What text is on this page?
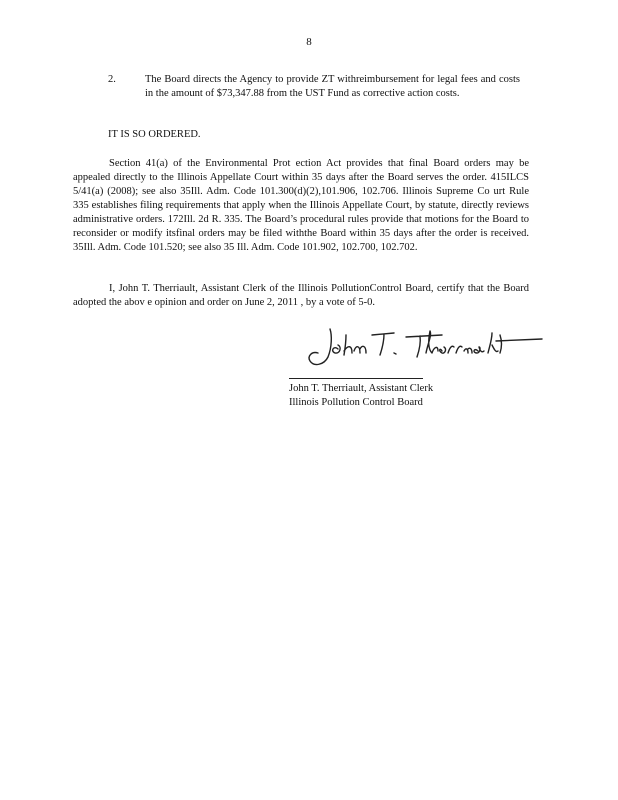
8
2.	The Board directs the Agency to provide ZT withreimbursement for legal fees and costs in the amount of $73,347.88 from the UST Fund as corrective action costs.
IT IS SO ORDERED.
Section 41(a) of the Environmental Prot ection Act provides that final Board orders may be appealed directly to the Illinois Appellate Court within 35 days after the Board serves the order. 415ILCS 5/41(a) (2008); see also 35Ill. Adm. Code 101.300(d)(2),101.906, 102.706. Illinois Supreme Co urt Rule 335 establishes filing requirements that apply when the Illinois Appellate Court, by statute, directly reviews administrative orders. 172Ill. 2d R. 335. The Board’s procedural rules provide that motions for the Board to reconsider or modify itsfinal orders may be filed withthe Board within 35 days after the order is received. 35Ill. Adm. Code 101.520; see also 35 Ill. Adm. Code 101.902, 102.700, 102.702.
I, John T. Therriault, Assistant Clerk of the Illinois PollutionControl Board, certify that the Board adopted the abov e opinion and order on June 2, 2011 , by a vote of 5-0.
John T. Therriault, Assistant Clerk
Illinois Pollution Control Board
